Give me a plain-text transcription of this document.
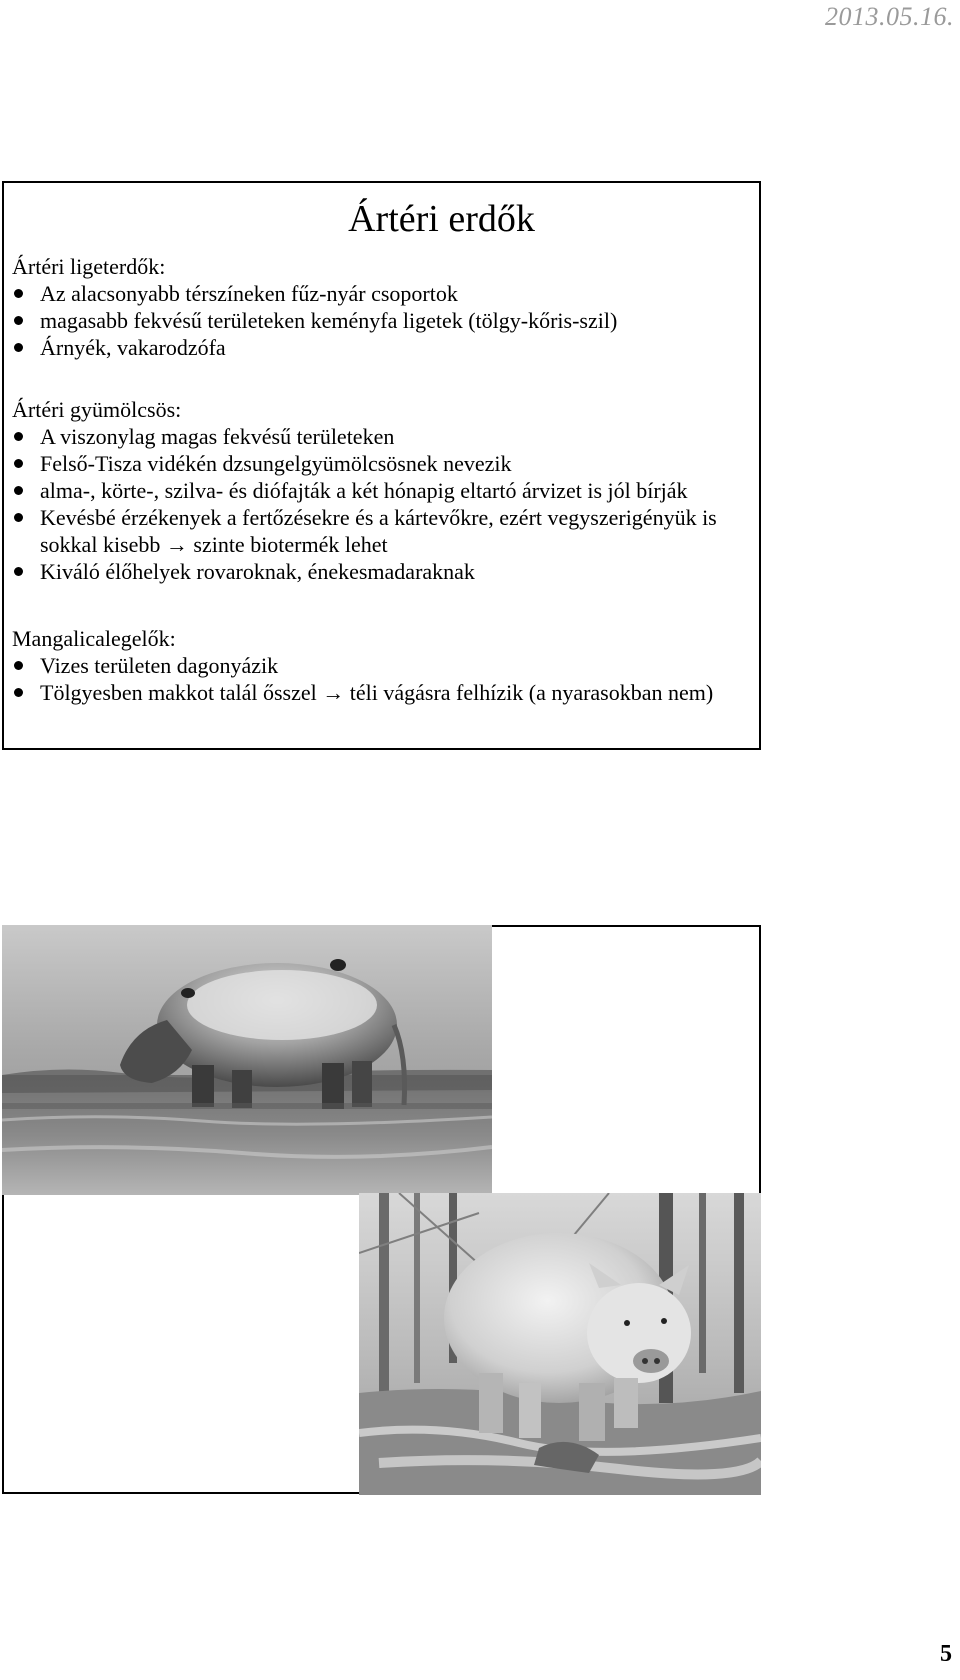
2013.05.16.
Ártéri erdők

Ártéri ligeterdők:

Az alacsonyabb térszíneken fűz-nyár csoportok
magasabb fekvésű területeken keményfa ligetek (tölgy-kőris-szil)
Árnyék, vakarodzófa

Ártéri gyümölcsös:

A viszonylag magas fekvésű területeken
Felső-Tisza vidékén dzsungelgyümölcsösnek nevezik
alma-, körte-, szilva- és diófajták a két hónapig eltartó árvizet is jól bírják
Kevésbé érzékenyek a fertőzésekre és a kártevőkre, ezért vegyszerigényük is sokkal kisebb → szinte biotermék lehet
Kiváló élőhelyek rovaroknak, énekesmadaraknak

Mangalicalegelők:

Vizes területen dagonyázik
Tölgyesben makkot talál ősszel → téli vágásra felhízik (a nyarasokban nem)
5
